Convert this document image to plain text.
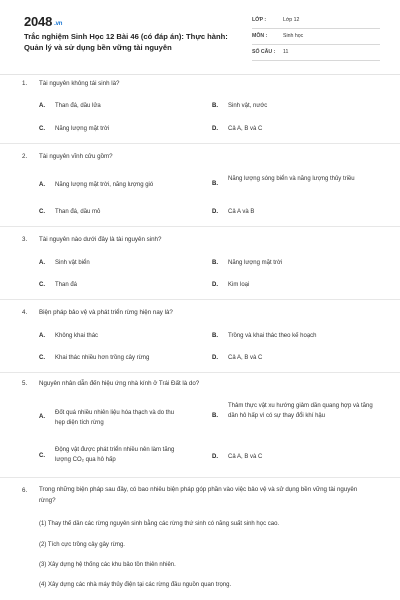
2048 .vn
Trắc nghiệm Sinh Học 12 Bài 46 (có đáp án): Thực hành: Quản lý và sử dụng bền vững tài nguyên
LỚP :	Lớp 12
MÔN :	Sinh học
SỐ CÂU : 11
1. Tài nguyên không tái sinh là?
A. Than đá, dầu lửa	B. Sinh vật, nước
C. Năng lượng mặt trời	D. Cả A, B và C
2. Tài nguyên vĩnh cửu gồm?
A. Năng lượng mặt trời, năng lượng gió	B.
Năng lượng sóng biển và năng lượng thủy triều
C. Than đá, dầu mỏ	D. Cả A và B
3. Tài nguyên nào dưới đây là tài nguyên sinh?
A. Sinh vật biển	B. Năng lượng mặt trời
C. Than đá	D. Kim loại
4. Biện pháp bảo vệ và phát triển rừng hiện nay là?
A. Không khai thác	B. Trồng và khai thác theo kế hoạch
C. Khai thác nhiều hơn trồng cây rừng	D. Cả A, B và C
5. Nguyên nhân dẫn đến hiệu ứng nhà kính ở Trái Đất là do?
A.
Đốt quá nhiều nhiên liệu hóa thạch và do thu hẹp diện tích rừng
B.
Thảm thực vật xu hướng giảm dần quang hợp và tăng dần hô hấp vì có sự thay đổi khí hậu
C.
Động vật được phát triển nhiều nên làm tăng lượng CO₂ qua hô hấp	D. Cả A, B và C
6. Trong những biện pháp sau đây, có bao nhiêu biện pháp góp phần vào việc bảo vệ và sử dụng bền vững tài nguyên rừng?
(1) Thay thế dần các rừng nguyên sinh bằng các rừng thứ sinh có năng suất sinh học cao.
(2) Tích cực trồng cây gây rừng.
(3) Xây dựng hệ thống các khu bảo tồn thiên nhiên.
(4) Xây dựng các nhà máy thủy điện tại các rừng đầu nguồn quan trọng.
